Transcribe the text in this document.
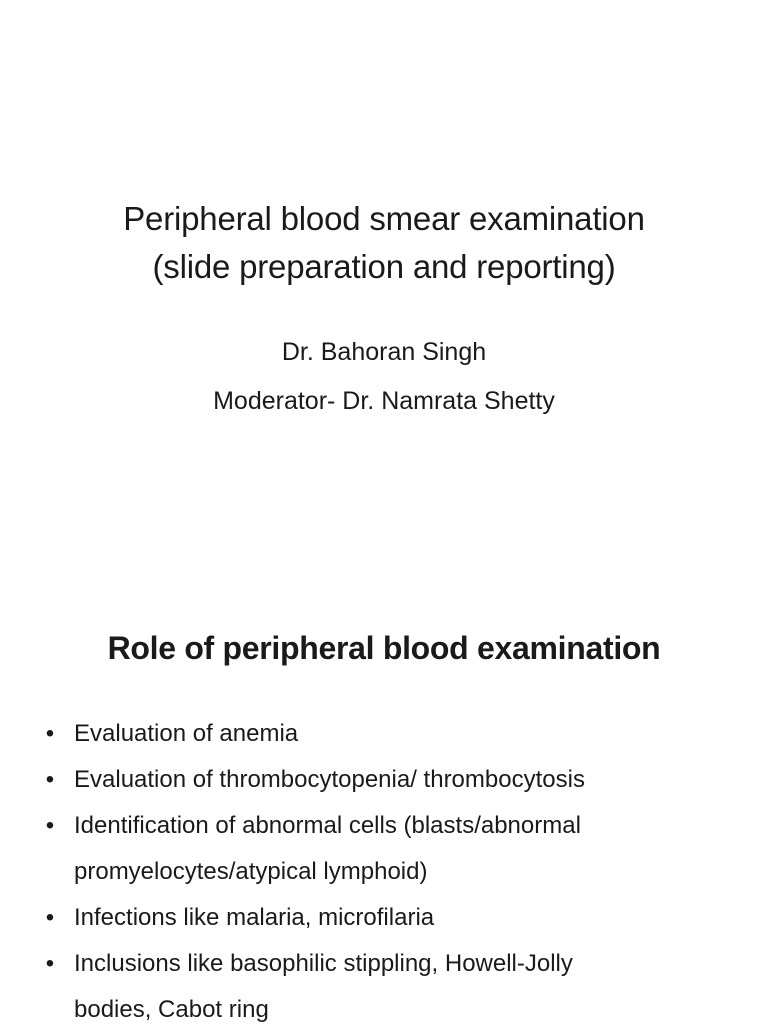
Peripheral blood smear examination
(slide preparation and reporting)

Dr. Bahoran Singh

Moderator- Dr. Namrata Shetty

Role of peripheral blood examination
• Evaluation of anemia
• Evaluation of thrombocytopenia/ thrombocytosis
• Identification of abnormal cells (blasts/abnormal
promyelocytes/atypical lymphoid)
• Infections like malaria, microfilaria
• Inclusions like basophilic stippling, Howell-Jolly
bodies, Cabot ring
